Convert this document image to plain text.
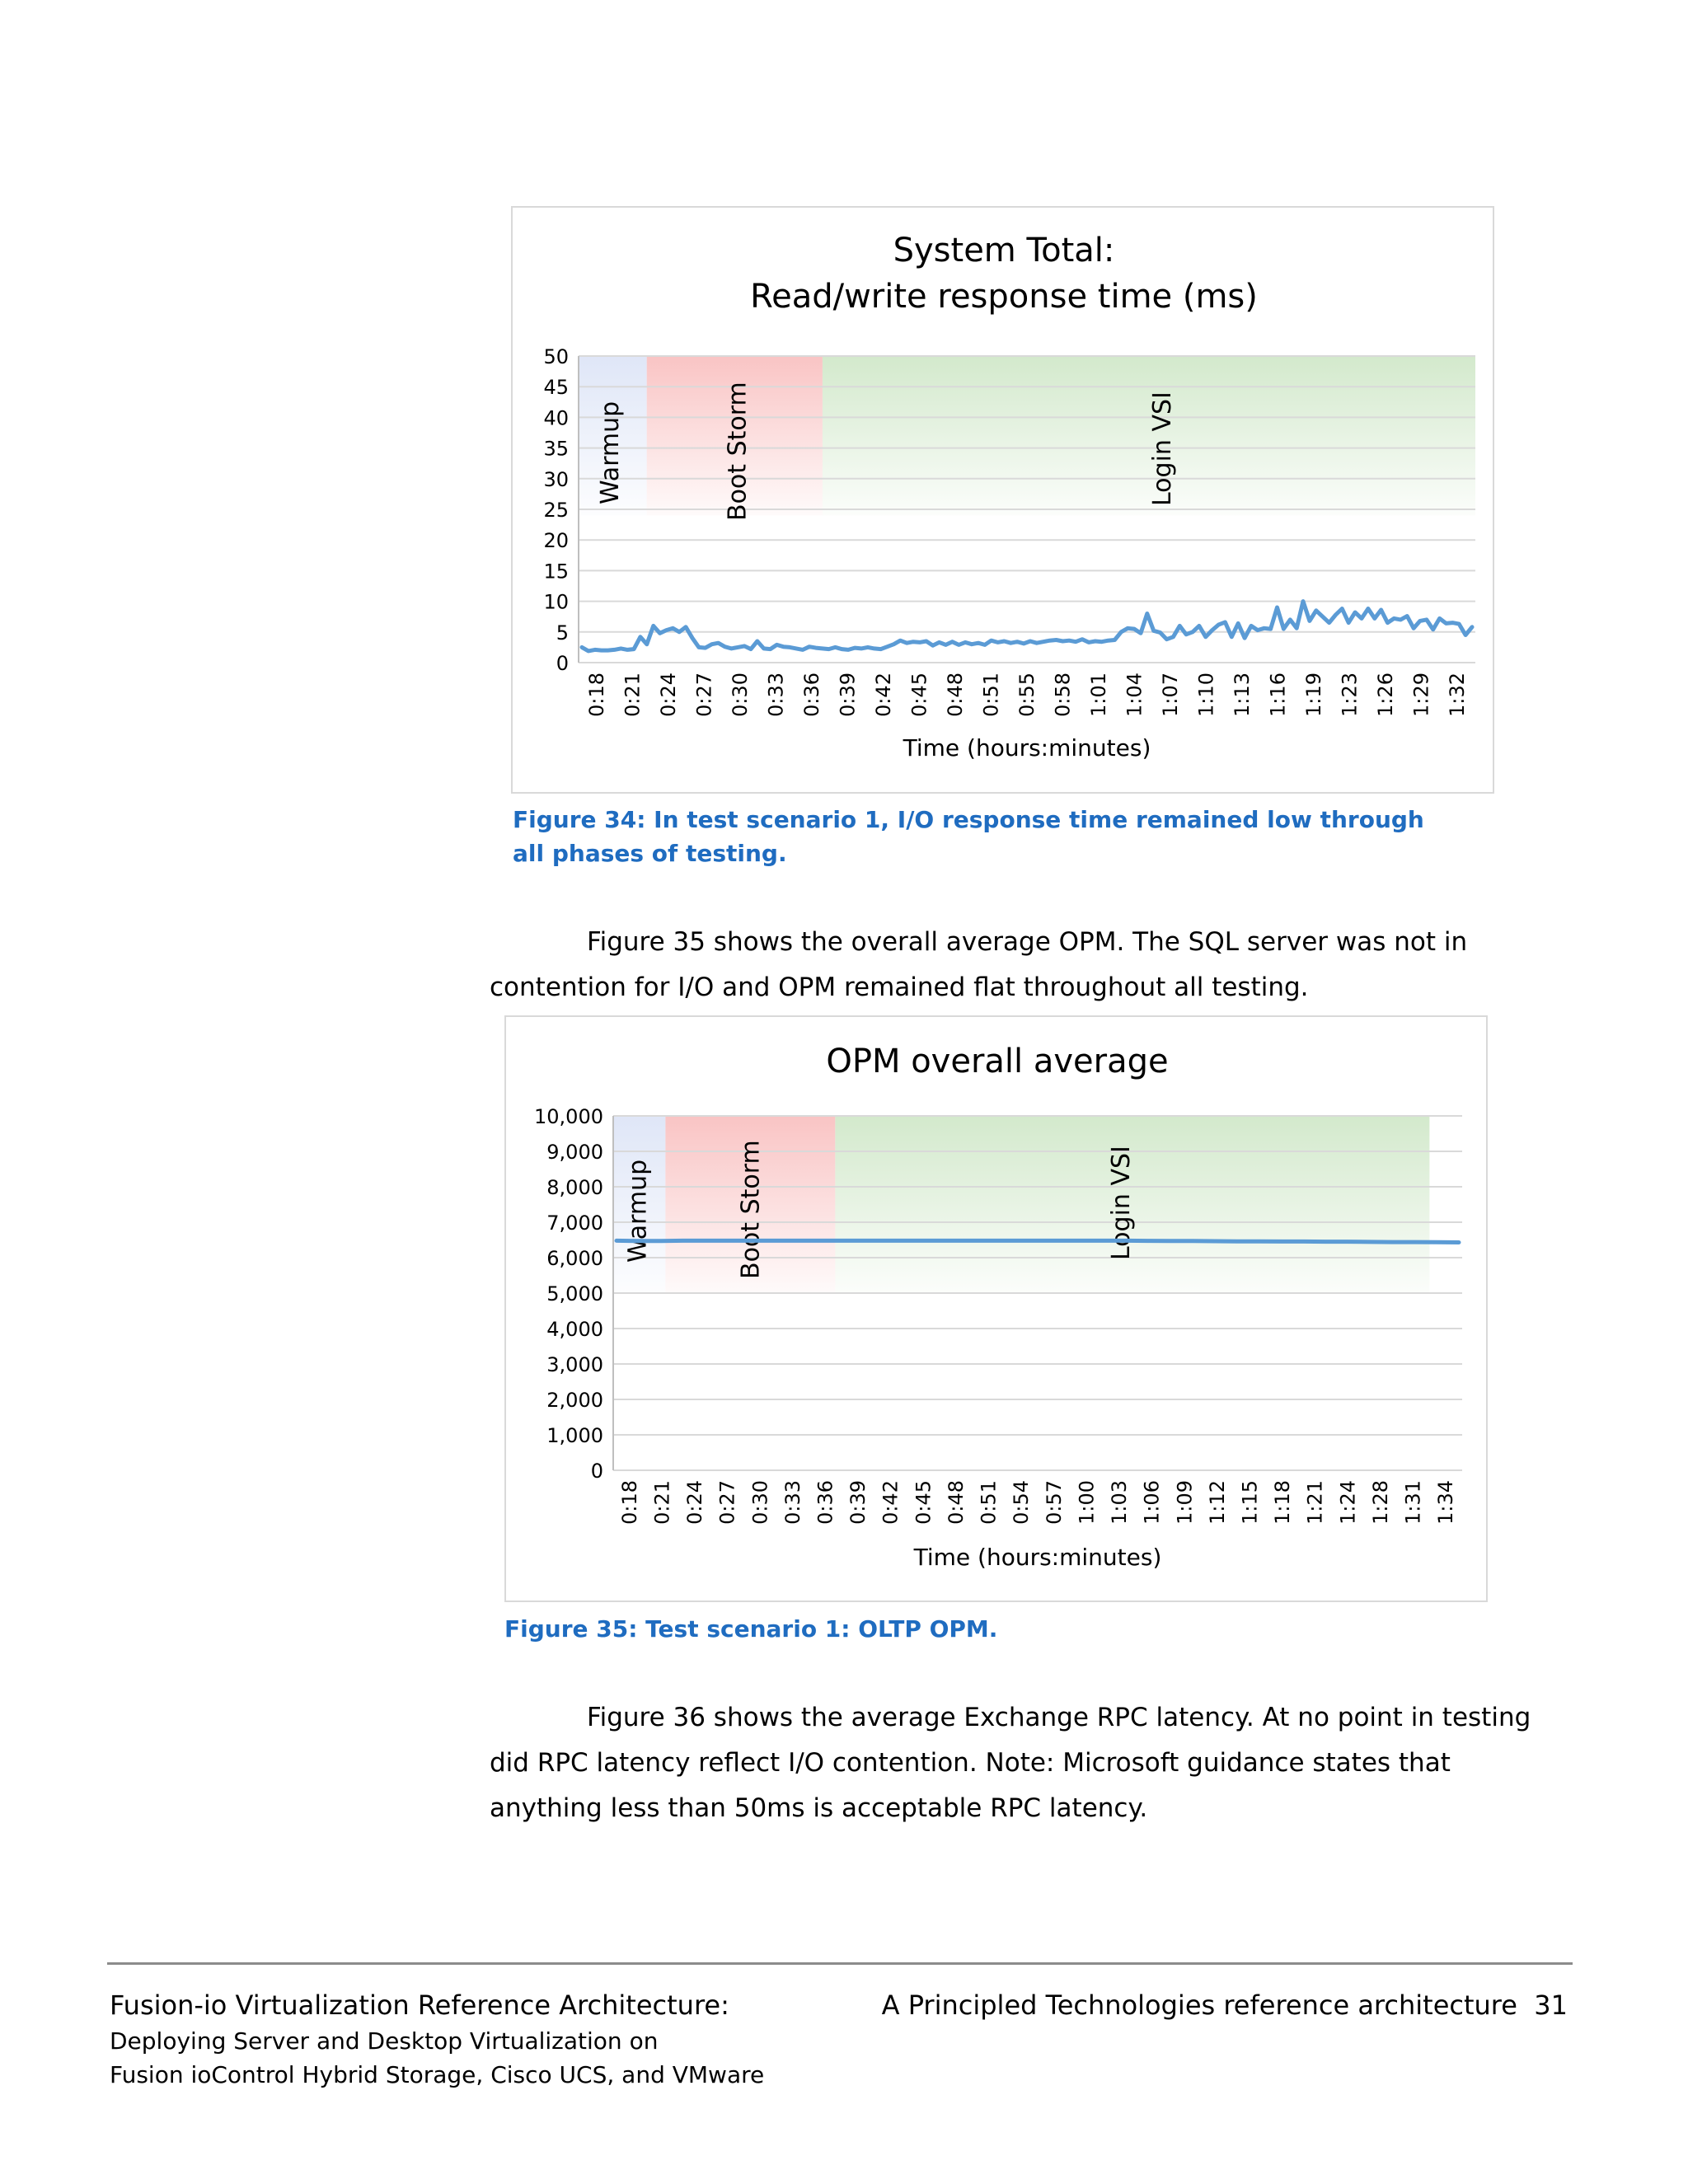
System Total:
Read/write response time (ms)
0
5
10
15
20
25
30
35
40
45
50
Warmup	Boot Storm	Login VSI
0:18 0:21 0:24 0:27 0:30 0:33 0:36 0:39 0:42 0:45 0:48 0:51 0:55 0:58 1:01 1:04 1:07 1:10 1:13 1:16 1:19 1:23 1:26 1:29 1:32
Time (hours:minutes)
Figure 34: In test scenario 1, I/O response time remained low through all phases of testing.
Figure 35 shows the overall average OPM. The SQL server was not in contention for I/O and OPM remained flat throughout all testing.
OPM overall average
0
1,000
2,000
3,000
4,000
5,000
6,000
7,000
8,000
9,000
10,000
Warmup	Boot Storm	Login VSI
0:18 0:21 0:24 0:27 0:30 0:33 0:36 0:39 0:42 0:45 0:48 0:51 0:54 0:57 1:00 1:03 1:06 1:09 1:12 1:15 1:18 1:21 1:24 1:28 1:31 1:34
Time (hours:minutes)
Figure 35: Test scenario 1: OLTP OPM.
Figure 36 shows the average Exchange RPC latency. At no point in testing did RPC latency reflect I/O contention. Note: Microsoft guidance states that anything less than 50ms is acceptable RPC latency.
Fusion-io Virtualization Reference Architecture:
Deploying Server and Desktop Virtualization on
Fusion ioControl Hybrid Storage, Cisco UCS, and VMware
A Principled Technologies reference architecture 31
